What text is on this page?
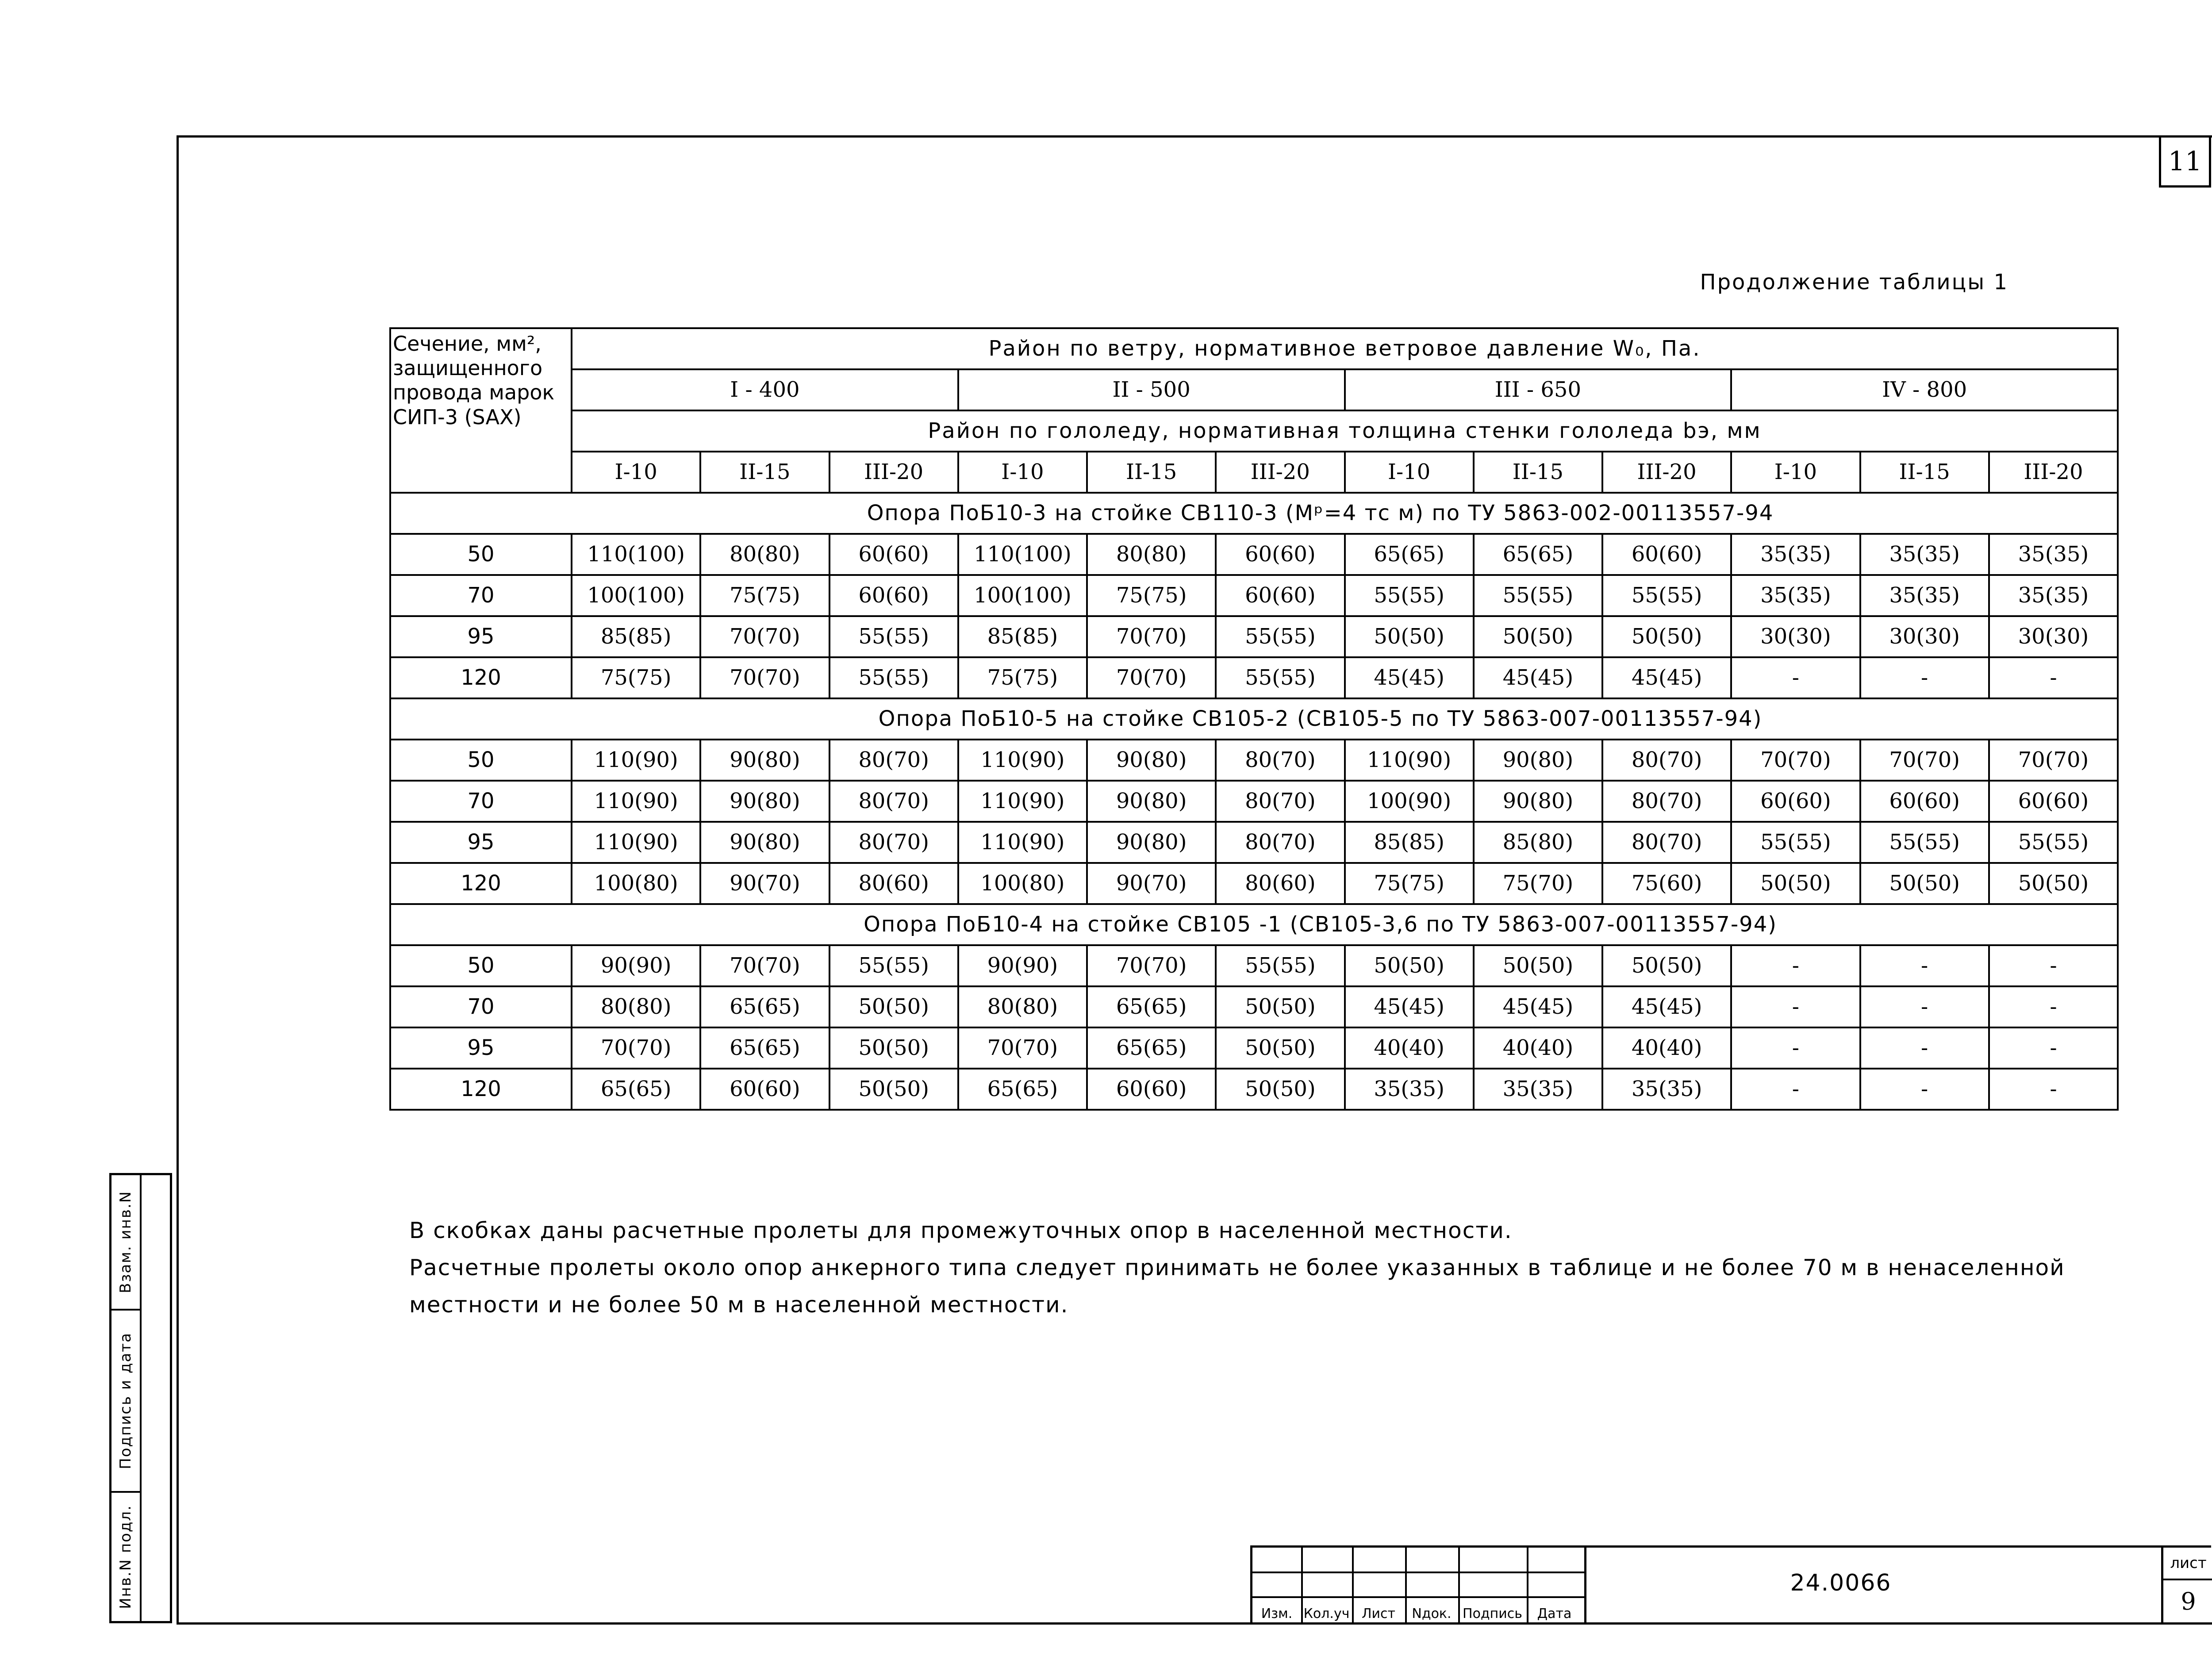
11
Продолжение таблицы 1
Сечение, мм², защищенного провода марок СИП-3 (SAX)	Район по ветру, нормативное ветровое давление W₀, Па.											
	I - 400			II - 500			III - 650			IV - 800		
	Район по гололеду, нормативная толщина стенки гололеда bэ, мм											
	I-10	II-15	III-20	I-10	II-15	III-20	I-10	II-15	III-20	I-10	II-15	III-20
Опора ПоБ10-3 на стойке СВ110-3 (Мᵖ=4 тс м) по ТУ 5863-002-00113557-94												
50	110(100)	80(80)	60(60)	110(100)	80(80)	60(60)	65(65)	65(65)	60(60)	35(35)	35(35)	35(35)
70	100(100)	75(75)	60(60)	100(100)	75(75)	60(60)	55(55)	55(55)	55(55)	35(35)	35(35)	35(35)
95	85(85)	70(70)	55(55)	85(85)	70(70)	55(55)	50(50)	50(50)	50(50)	30(30)	30(30)	30(30)
120	75(75)	70(70)	55(55)	75(75)	70(70)	55(55)	45(45)	45(45)	45(45)	-	-	-
Опора ПоБ10-5 на стойке СВ105-2 (СВ105-5 по ТУ 5863-007-00113557-94)												
50	110(90)	90(80)	80(70)	110(90)	90(80)	80(70)	110(90)	90(80)	80(70)	70(70)	70(70)	70(70)
70	110(90)	90(80)	80(70)	110(90)	90(80)	80(70)	100(90)	90(80)	80(70)	60(60)	60(60)	60(60)
95	110(90)	90(80)	80(70)	110(90)	90(80)	80(70)	85(85)	85(80)	80(70)	55(55)	55(55)	55(55)
120	100(80)	90(70)	80(60)	100(80)	90(70)	80(60)	75(75)	75(70)	75(60)	50(50)	50(50)	50(50)
Опора ПоБ10-4 на стойке СВ105 -1 (СВ105-3,6 по ТУ 5863-007-00113557-94)												
50	90(90)	70(70)	55(55)	90(90)	70(70)	55(55)	50(50)	50(50)	50(50)	-	-	-
70	80(80)	65(65)	50(50)	80(80)	65(65)	50(50)	45(45)	45(45)	45(45)	-	-	-
95	70(70)	65(65)	50(50)	70(70)	65(65)	50(50)	40(40)	40(40)	40(40)	-	-	-
120	65(65)	60(60)	50(50)	65(65)	60(60)	50(50)	35(35)	35(35)	35(35)	-	-	-

В скобках даны расчетные пролеты для промежуточных опор в населенной местности.

Расчетные пролеты около опор анкерного типа следует принимать не более указанных в таблице и не более 70 м в ненаселенной местности и не более 50 м в населенной местности.

Взам. инв.N
Подпись и дата
Инв.N подл.
Изм. Кол.уч Лист	Nдок. Подпись	Дата
24.0066
лист
9
